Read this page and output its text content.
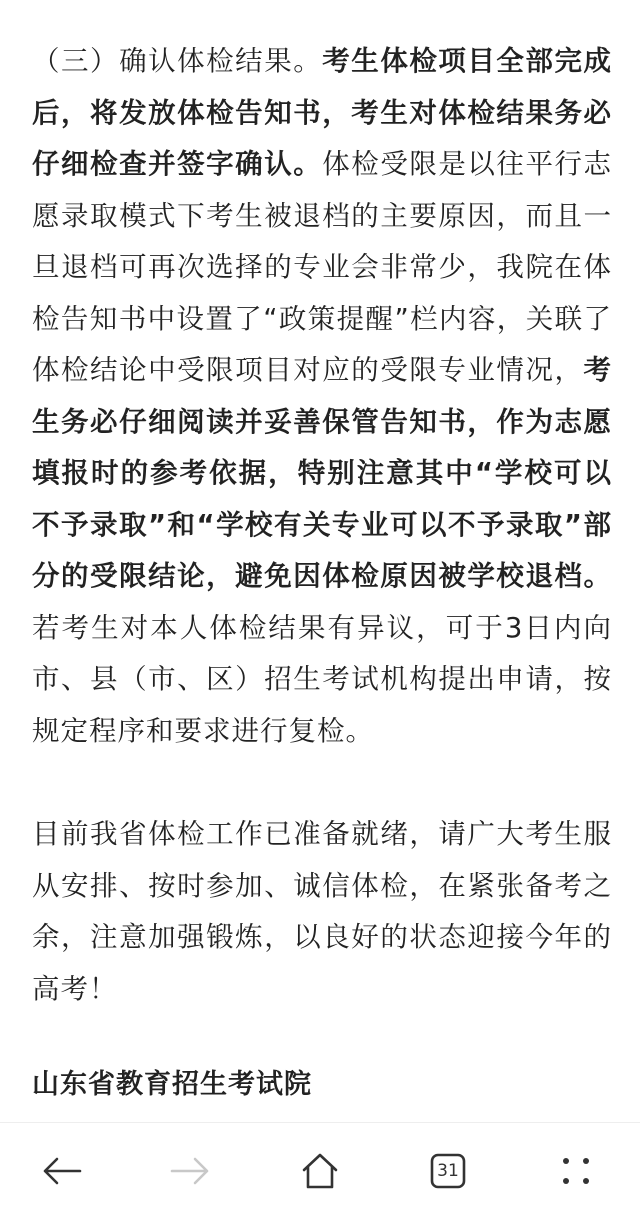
（三）确认体检结果。考生体检项目全部完成后，将发放体检告知书，考生对体检结果务必仔细检查并签字确认。体检受限是以往平行志愿录取模式下考生被退档的主要原因，而且一旦退档可再次选择的专业会非常少，我院在体检告知书中设置了“政策提醒”栏内容，关联了体检结论中受限项目对应的受限专业情况，考生务必仔细阅读并妥善保管告知书，作为志愿填报时的参考依据，特别注意其中“学校可以不予录取”和“学校有关专业可以不予录取”部分的受限结论，避免因体检原因被学校退档。若考生对本人体检结果有异议，可于3日内向市、县（市、区）招生考试机构提出申请，按规定程序和要求进行复检。

目前我省体检工作已准备就绪，请广大考生服从安排、按时参加、诚信体检，在紧张备考之余，注意加强锻炼，以良好的状态迎接今年的高考！

山东省教育招生考试院
31
